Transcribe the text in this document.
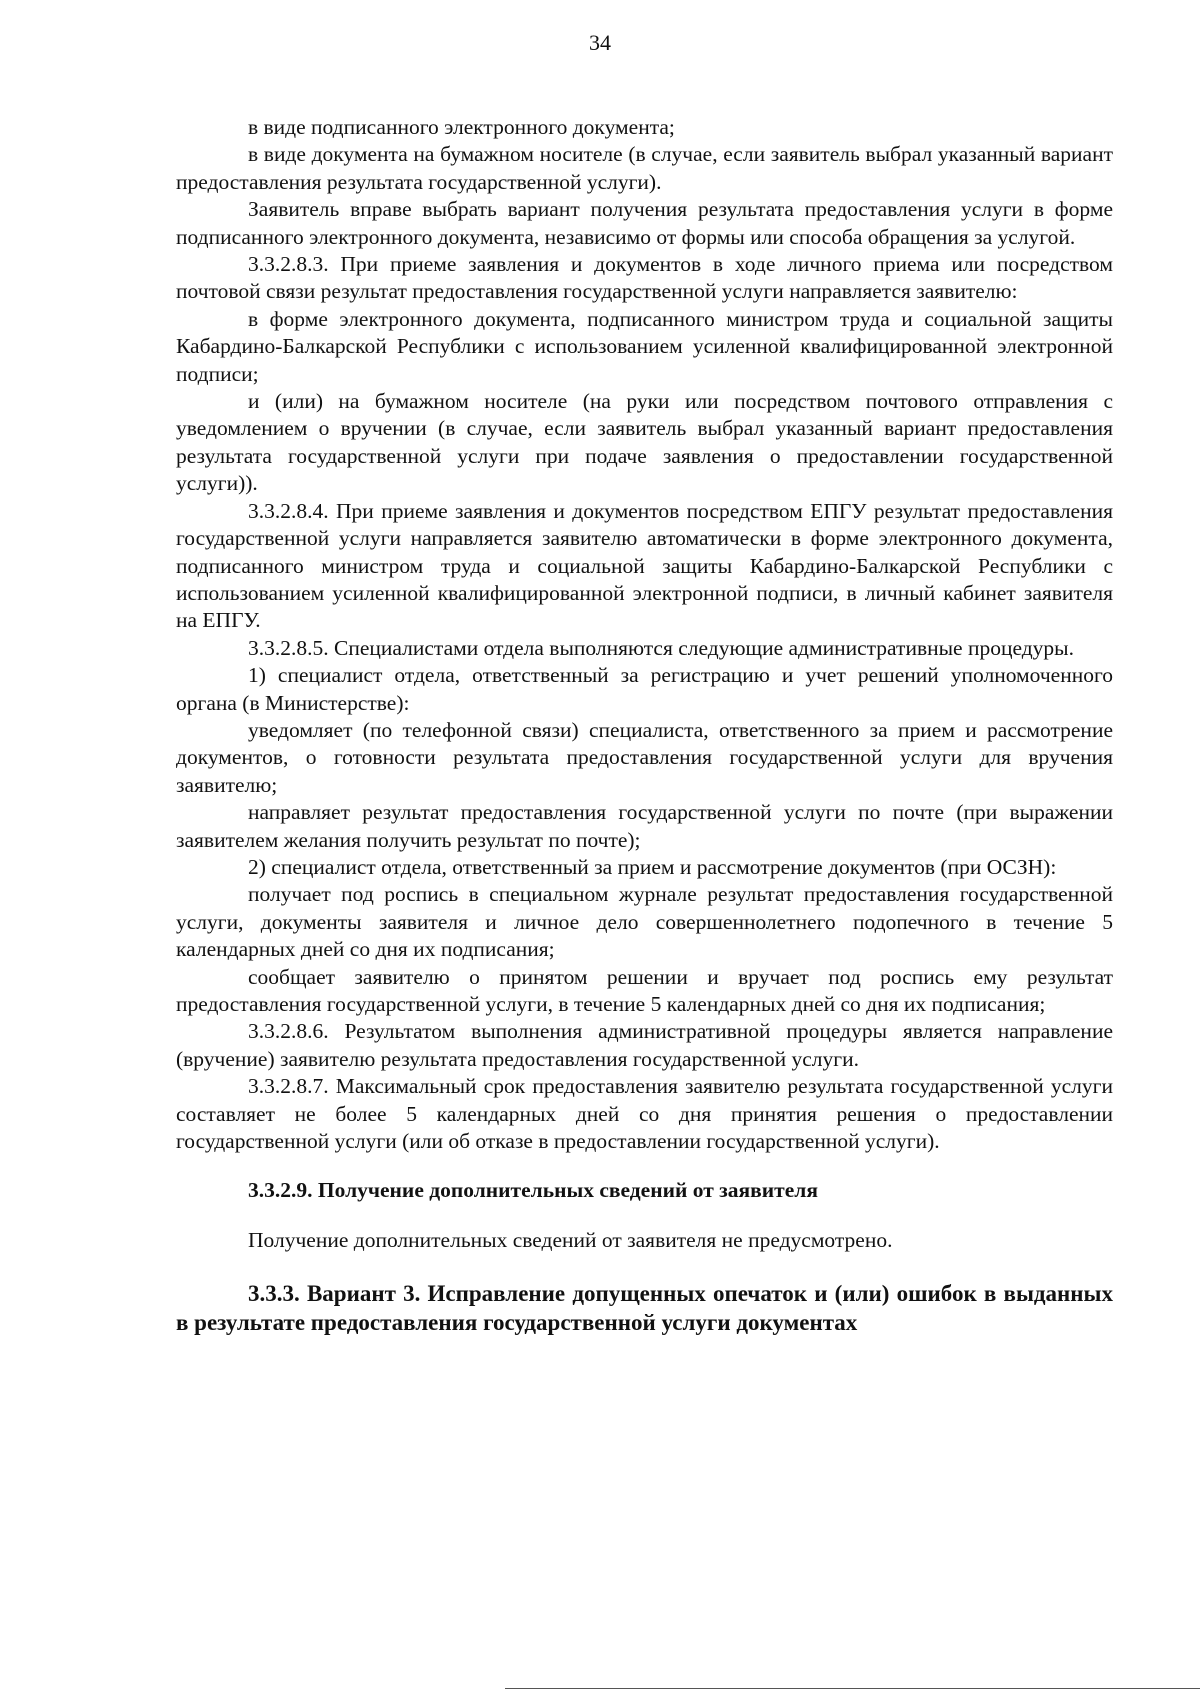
34

в виде подписанного электронного документа;

в виде документа на бумажном носителе (в случае, если заявитель выбрал указанный вариант предоставления результата государственной услуги).

Заявитель вправе выбрать вариант получения результата предоставления услуги в форме подписанного электронного документа, независимо от формы или способа обращения за услугой.

3.3.2.8.3. При приеме заявления и документов в ходе личного приема или посредством почтовой связи результат предоставления государственной услуги направляется заявителю:

в форме электронного документа, подписанного министром труда и социальной защиты Кабардино-Балкарской Республики с использованием усиленной квалифицированной электронной подписи;

и (или) на бумажном носителе (на руки или посредством почтового отправления с уведомлением о вручении (в случае, если заявитель выбрал указанный вариант предоставления результата государственной услуги при подаче заявления о предоставлении государственной услуги)).

3.3.2.8.4. При приеме заявления и документов посредством ЕПГУ результат предоставления государственной услуги направляется заявителю автоматически в форме электронного документа, подписанного министром труда и социальной защиты Кабардино-Балкарской Республики с использованием усиленной квалифицированной электронной подписи, в личный кабинет заявителя на ЕПГУ.

3.3.2.8.5. Специалистами отдела выполняются следующие административные процедуры.

1) специалист отдела, ответственный за регистрацию и учет решений уполномоченного органа (в Министерстве):

уведомляет (по телефонной связи) специалиста, ответственного за прием и рассмотрение документов, о готовности результата предоставления государственной услуги для вручения заявителю;

направляет результат предоставления государственной услуги по почте (при выражении заявителем желания получить результат по почте);

2) специалист отдела, ответственный за прием и рассмотрение документов (при ОСЗН):

получает под роспись в специальном журнале результат предоставления государственной услуги, документы заявителя и личное дело совершеннолетнего подопечного в течение 5 календарных дней со дня их подписания;

сообщает заявителю о принятом решении и вручает под роспись ему результат предоставления государственной услуги, в течение 5 календарных дней со дня их подписания;

3.3.2.8.6. Результатом выполнения административной процедуры является направление (вручение) заявителю результата предоставления государственной услуги.

3.3.2.8.7. Максимальный срок предоставления заявителю результата государственной услуги составляет не более 5 календарных дней со дня принятия решения о предоставлении государственной услуги (или об отказе в предоставлении государственной услуги).

3.3.2.9. Получение дополнительных сведений от заявителя

Получение дополнительных сведений от заявителя не предусмотрено.

3.3.3. Вариант 3. Исправление допущенных опечаток и (или) ошибок в выданных в результате предоставления государственной услуги документах
